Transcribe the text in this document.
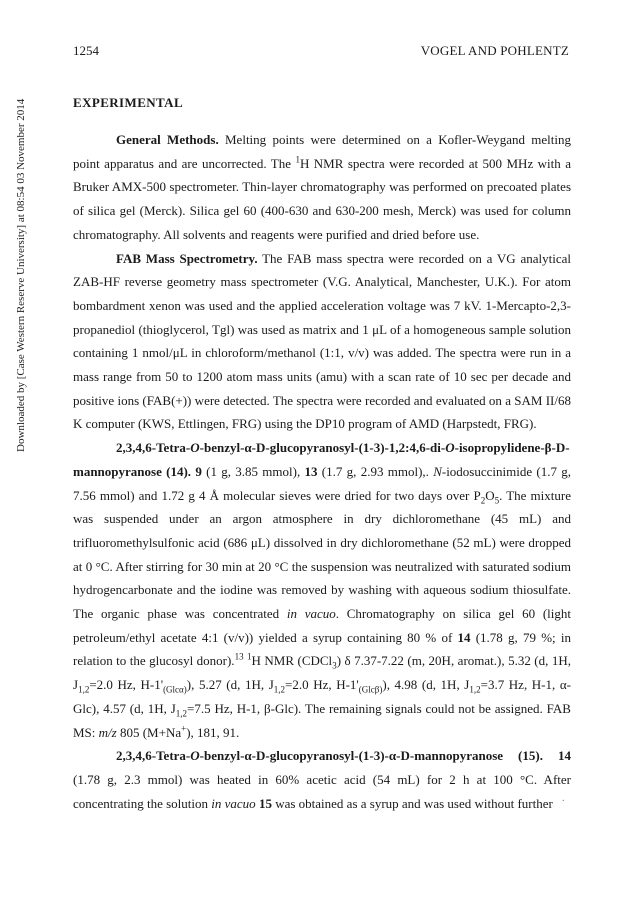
Downloaded by [Case Western Reserve University] at 08:54 03 November 2014
1254	VOGEL AND POHLENTZ
EXPERIMENTAL

General Methods. Melting points were determined on a Kofler-Weygand melting point apparatus and are uncorrected. The $^1$H NMR spectra were recorded at 500 MHz with a Bruker AMX-500 spectrometer. Thin-layer chromatography was performed on precoated plates of silica gel (Merck). Silica gel 60 (400-630 and 630-200 mesh, Merck) was used for column chromatography. All solvents and reagents were purified and dried before use.

FAB Mass Spectrometry. The FAB mass spectra were recorded on a VG analytical ZAB-HF reverse geometry mass spectrometer (V.G. Analytical, Manchester, U.K.). For atom bombardment xenon was used and the applied acceleration voltage was 7 kV. 1-Mercapto-2,3-propanediol (thioglycerol, Tgl) was used as matrix and 1 μL of a homogeneous sample solution containing 1 nmol/μL in chloroform/methanol (1:1, v/v) was added. The spectra were run in a mass range from 50 to 1200 atom mass units (amu) with a scan rate of 10 sec per decade and positive ions (FAB(+)) were detected. The spectra were recorded and evaluated on a SAM II/68 K computer (KWS, Ettlingen, FRG) using the DP10 program of AMD (Harpstedt, FRG).

2,3,4,6-Tetra-O-benzyl-α-D-glucopyranosyl-(1-3)-1,2:4,6-di-O-isopropylidene-β-D-mannopyranose (14). 9 (1 g, 3.85 mmol), 13 (1.7 g, 2.93 mmol),. N-iodosuccinimide (1.7 g, 7.56 mmol) and 1.72 g 4 Å molecular sieves were dried for two days over $P_2O_5$. The mixture was suspended under an argon atmosphere in dry dichloromethane (45 mL) and trifluoromethylsulfonic acid (686 μL) dissolved in dry dichloromethane (52 mL) were dropped at 0 °C. After stirring for 30 min at 20 °C the suspension was neutralized with saturated sodium hydrogencarbonate and the iodine was removed by washing with aqueous sodium thiosulfate. The organic phase was concentrated in vacuo. Chromatography on silica gel 60 (light petroleum/ethyl acetate 4:1 (v/v)) yielded a syrup containing 80 % of 14 (1.78 g, 79 %; in relation to the glucosyl donor).$^{13}$ $^1$H NMR (CDCl$_3$) δ 7.37-7.22 (m, 20H, aromat.), 5.32 (d, 1H, $J_{1,2}=2.0$ Hz, $H-1'_{(Glc\alpha)}$), 5.27 (d, 1H, $J_{1,2}=2.0$ Hz, $H-1'_{(Glc\beta)}$), 4.98 (d, 1H, $J_{1,2}=3.7$ Hz, H-1, α-Glc), 4.57 (d, 1H, $J_{1,2}=7.5$ Hz, H-1, β-Glc). The remaining signals could not be assigned. FAB MS: m/z 805 (M+Na+), 181, 91.

2,3,4,6-Tetra-O-benzyl-α-D-glucopyranosyl-(1-3)-α-D-mannopyranose (15). 14 (1.78 g, 2.3 mmol) was heated in 60% acetic acid (54 mL) for 2 h at 100 °C. After concentrating the solution in vacuo 15 was obtained as a syrup and was used without further .
